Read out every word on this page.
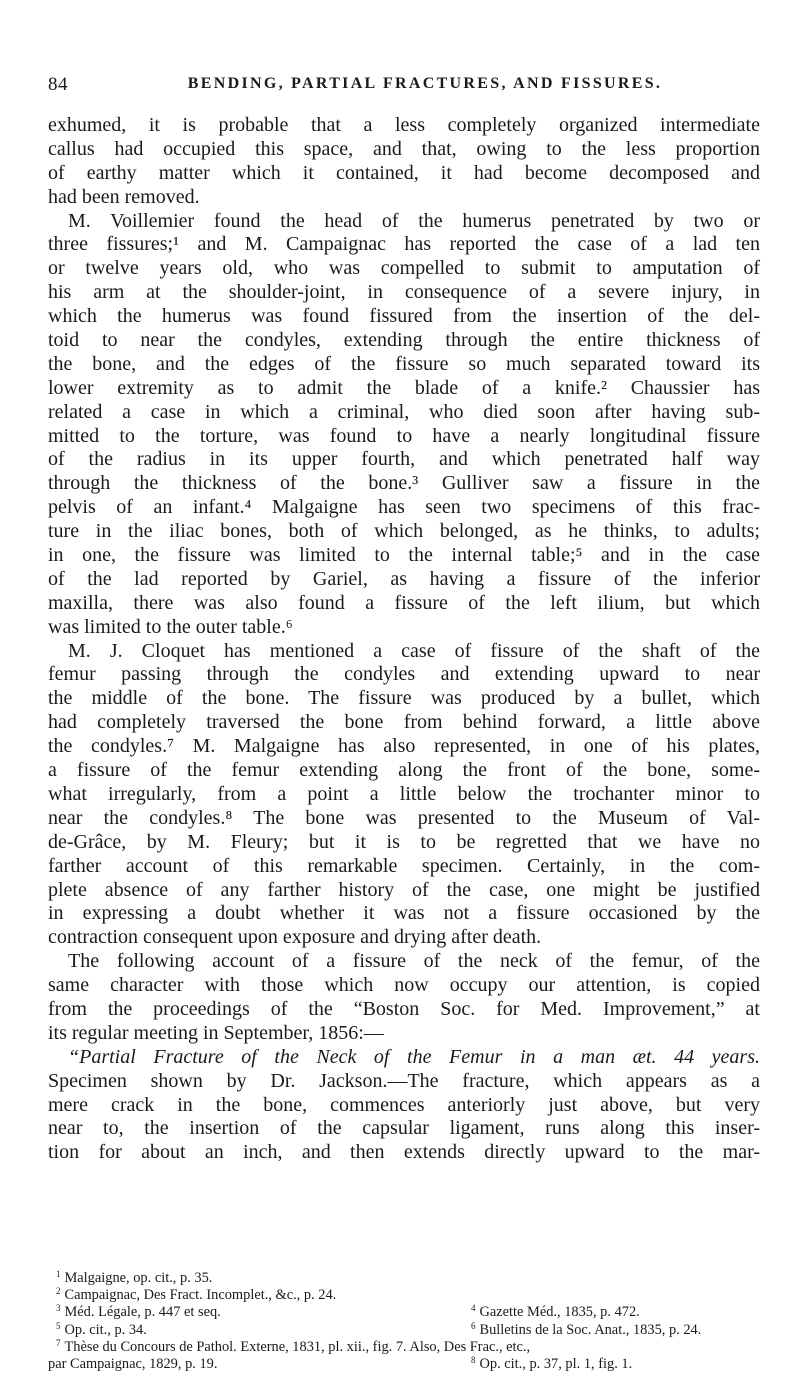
84	BENDING, PARTIAL FRACTURES, AND FISSURES.
exhumed, it is probable that a less completely organized intermediate
callus had occupied this space, and that, owing to the less proportion
of earthy matter which it contained, it had become decomposed and
had been removed.
M. Voillemier found the head of the humerus penetrated by two or
three fissures;¹ and M. Campaignac has reported the case of a lad ten
or twelve years old, who was compelled to submit to amputation of
his arm at the shoulder-joint, in consequence of a severe injury, in
which the humerus was found fissured from the insertion of the del-
toid to near the condyles, extending through the entire thickness of
the bone, and the edges of the fissure so much separated toward its
lower extremity as to admit the blade of a knife.² Chaussier has
related a case in which a criminal, who died soon after having sub-
mitted to the torture, was found to have a nearly longitudinal fissure
of the radius in its upper fourth, and which penetrated half way
through the thickness of the bone.³ Gulliver saw a fissure in the
pelvis of an infant.⁴ Malgaigne has seen two specimens of this frac-
ture in the iliac bones, both of which belonged, as he thinks, to adults;
in one, the fissure was limited to the internal table;⁵ and in the case
of the lad reported by Gariel, as having a fissure of the inferior
maxilla, there was also found a fissure of the left ilium, but which
was limited to the outer table.⁶
M. J. Cloquet has mentioned a case of fissure of the shaft of the
femur passing through the condyles and extending upward to near
the middle of the bone. The fissure was produced by a bullet, which
had completely traversed the bone from behind forward, a little above
the condyles.⁷ M. Malgaigne has also represented, in one of his plates,
a fissure of the femur extending along the front of the bone, some-
what irregularly, from a point a little below the trochanter minor to
near the condyles.⁸ The bone was presented to the Museum of Val-
de-Grâce, by M. Fleury; but it is to be regretted that we have no
farther account of this remarkable specimen. Certainly, in the com-
plete absence of any farther history of the case, one might be justified
in expressing a doubt whether it was not a fissure occasioned by the
contraction consequent upon exposure and drying after death.
The following account of a fissure of the neck of the femur, of the
same character with those which now occupy our attention, is copied
from the proceedings of the “Boston Soc. for Med. Improvement,” at
its regular meeting in September, 1856:—
“Partial Fracture of the Neck of the Femur in a man æt. 44 years.
Specimen shown by Dr. Jackson.—The fracture, which appears as a
mere crack in the bone, commences anteriorly just above, but very
near to, the insertion of the capsular ligament, runs along this inser-
tion for about an inch, and then extends directly upward to the mar-
$^1$ Malgaigne, op. cit., p. 35.
$^2$ Campaignac, Des Fract. Incomplet., &c., p. 24.
$^3$ Méd. Légale, p. 447 et seq.	$^4$ Gazette Méd., 1835, p. 472.
$^5$ Op. cit., p. 34.	$^6$ Bulletins de la Soc. Anat., 1835, p. 24.
$^7$ Thèse du Concours de Pathol. Externe, 1831, pl. xii., fig. 7. Also, Des Frac., etc.,
par Campaignac, 1829, p. 19.	$^8$ Op. cit., p. 37, pl. 1, fig. 1.
